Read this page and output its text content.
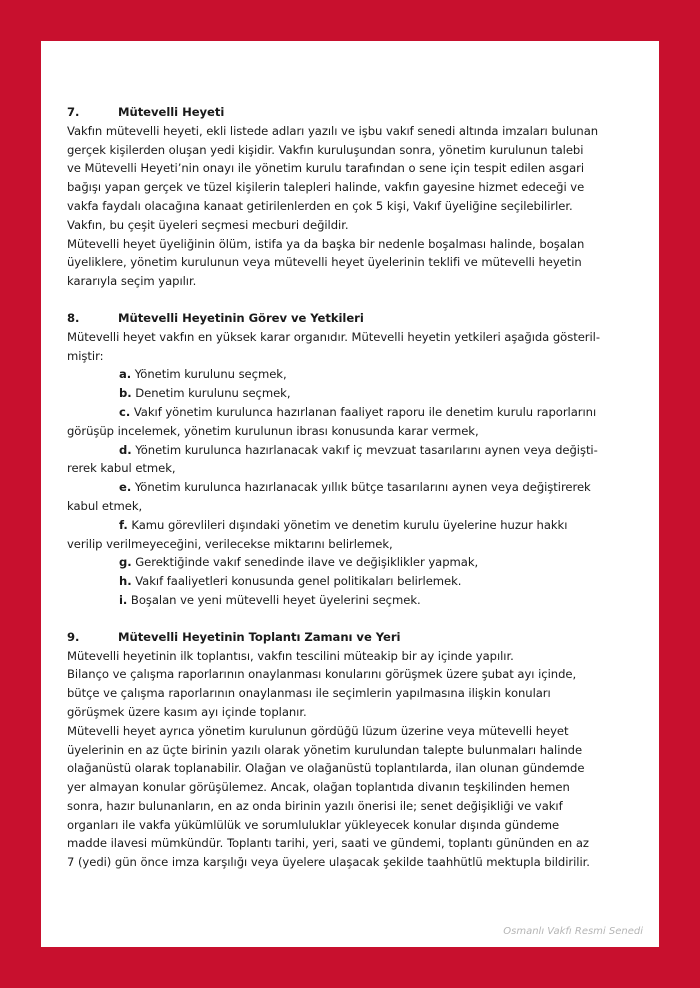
7.	Mütevelli Heyeti
Vakfın mütevelli heyeti, ekli listede adları yazılı ve işbu vakıf senedi altında imzaları bulunan
gerçek kişilerden oluşan yedi kişidir. Vakfın kuruluşundan sonra, yönetim kurulunun talebi
ve Mütevelli Heyeti’nin onayı ile yönetim kurulu tarafından o sene için tespit edilen asgari
bağışı yapan gerçek ve tüzel kişilerin talepleri halinde, vakfın gayesine hizmet edeceği ve
vakfa faydalı olacağına kanaat getirilenlerden en çok 5 kişi, Vakıf üyeliğine seçilebilirler.
Vakfın, bu çeşit üyeleri seçmesi mecburi değildir.
Mütevelli heyet üyeliğinin ölüm, istifa ya da başka bir nedenle boşalması halinde, boşalan
üyeliklere, yönetim kurulunun veya mütevelli heyet üyelerinin teklifi ve mütevelli heyetin
kararıyla seçim yapılır.
8.	Mütevelli Heyetinin Görev ve Yetkileri
Mütevelli heyet vakfın en yüksek karar organıdır. Mütevelli heyetin yetkileri aşağıda gösteril-
miştir:
a. Yönetim kurulunu seçmek,
b. Denetim kurulunu seçmek,
c. Vakıf yönetim kurulunca hazırlanan faaliyet raporu ile denetim kurulu raporlarını
görüşüp incelemek, yönetim kurulunun ibrası konusunda karar vermek,
d. Yönetim kurulunca hazırlanacak vakıf iç mevzuat tasarılarını aynen veya değişti-
rerek kabul etmek,
e. Yönetim kurulunca hazırlanacak yıllık bütçe tasarılarını aynen veya değiştirerek
kabul etmek,
f. Kamu görevlileri dışındaki yönetim ve denetim kurulu üyelerine huzur hakkı
verilip verilmeyeceğini, verilecekse miktarını belirlemek,
g. Gerektiğinde vakıf senedinde ilave ve değişiklikler yapmak,
h. Vakıf faaliyetleri konusunda genel politikaları belirlemek.
i. Boşalan ve yeni mütevelli heyet üyelerini seçmek.
9.	Mütevelli Heyetinin Toplantı Zamanı ve Yeri
Mütevelli heyetinin ilk toplantısı, vakfın tescilini müteakip bir ay içinde yapılır.
Bilanço ve çalışma raporlarının onaylanması konularını görüşmek üzere şubat ayı içinde,
bütçe ve çalışma raporlarının onaylanması ile seçimlerin yapılmasına ilişkin konuları
görüşmek üzere kasım ayı içinde toplanır.
Mütevelli heyet ayrıca yönetim kurulunun gördüğü lüzum üzerine veya mütevelli heyet
üyelerinin en az üçte birinin yazılı olarak yönetim kurulundan talepte bulunmaları halinde
olağanüstü olarak toplanabilir. Olağan ve olağanüstü toplantılarda, ilan olunan gündemde
yer almayan konular görüşülemez. Ancak, olağan toplantıda divanın teşkilinden hemen
sonra, hazır bulunanların, en az onda birinin yazılı önerisi ile; senet değişikliği ve vakıf
organları ile vakfa yükümlülük ve sorumluluklar yükleyecek konular dışında gündeme
madde ilavesi mümkündür. Toplantı tarihi, yeri, saati ve gündemi, toplantı gününden en az
7 (yedi) gün önce imza karşılığı veya üyelere ulaşacak şekilde taahhütlü mektupla bildirilir.
Osmanlı Vakfı Resmi Senedi
